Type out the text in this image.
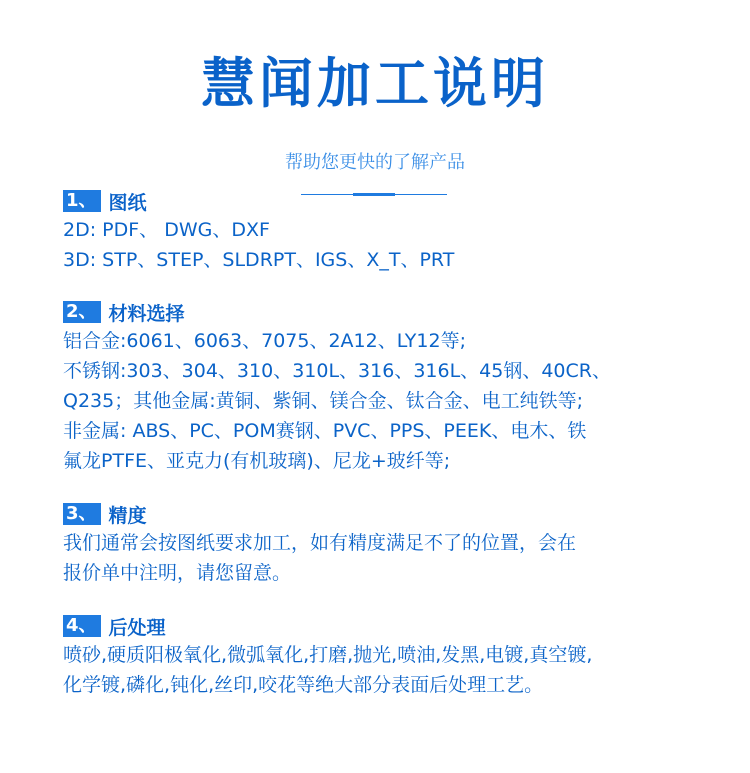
慧闻加工说明
帮助您更快的了解产品
1、 图纸
2D: PDF、 DWG、DXF
3D: STP、STEP、SLDRPT、IGS、X_T、PRT
2、 材料选择
铝合金:6061、6063、7075、2A12、LY12等;
不锈钢:303、304、310、310L、316、316L、45钢、40CR、
Q235；其他金属:黄铜、紫铜、镁合金、钛合金、电工纯铁等;
非金属: ABS、PC、POM赛钢、PVC、PPS、PEEK、电木、铁
氟龙PTFE、亚克力(有机玻璃)、尼龙+玻纤等;
3、 精度
我们通常会按图纸要求加工，如有精度满足不了的位置，会在
报价单中注明，请您留意。
4、 后处理
喷砂,硬质阳极氧化,微弧氧化,打磨,抛光,喷油,发黑,电镀,真空镀,
化学镀,磷化,钝化,丝印,咬花等绝大部分表面后处理工艺。
